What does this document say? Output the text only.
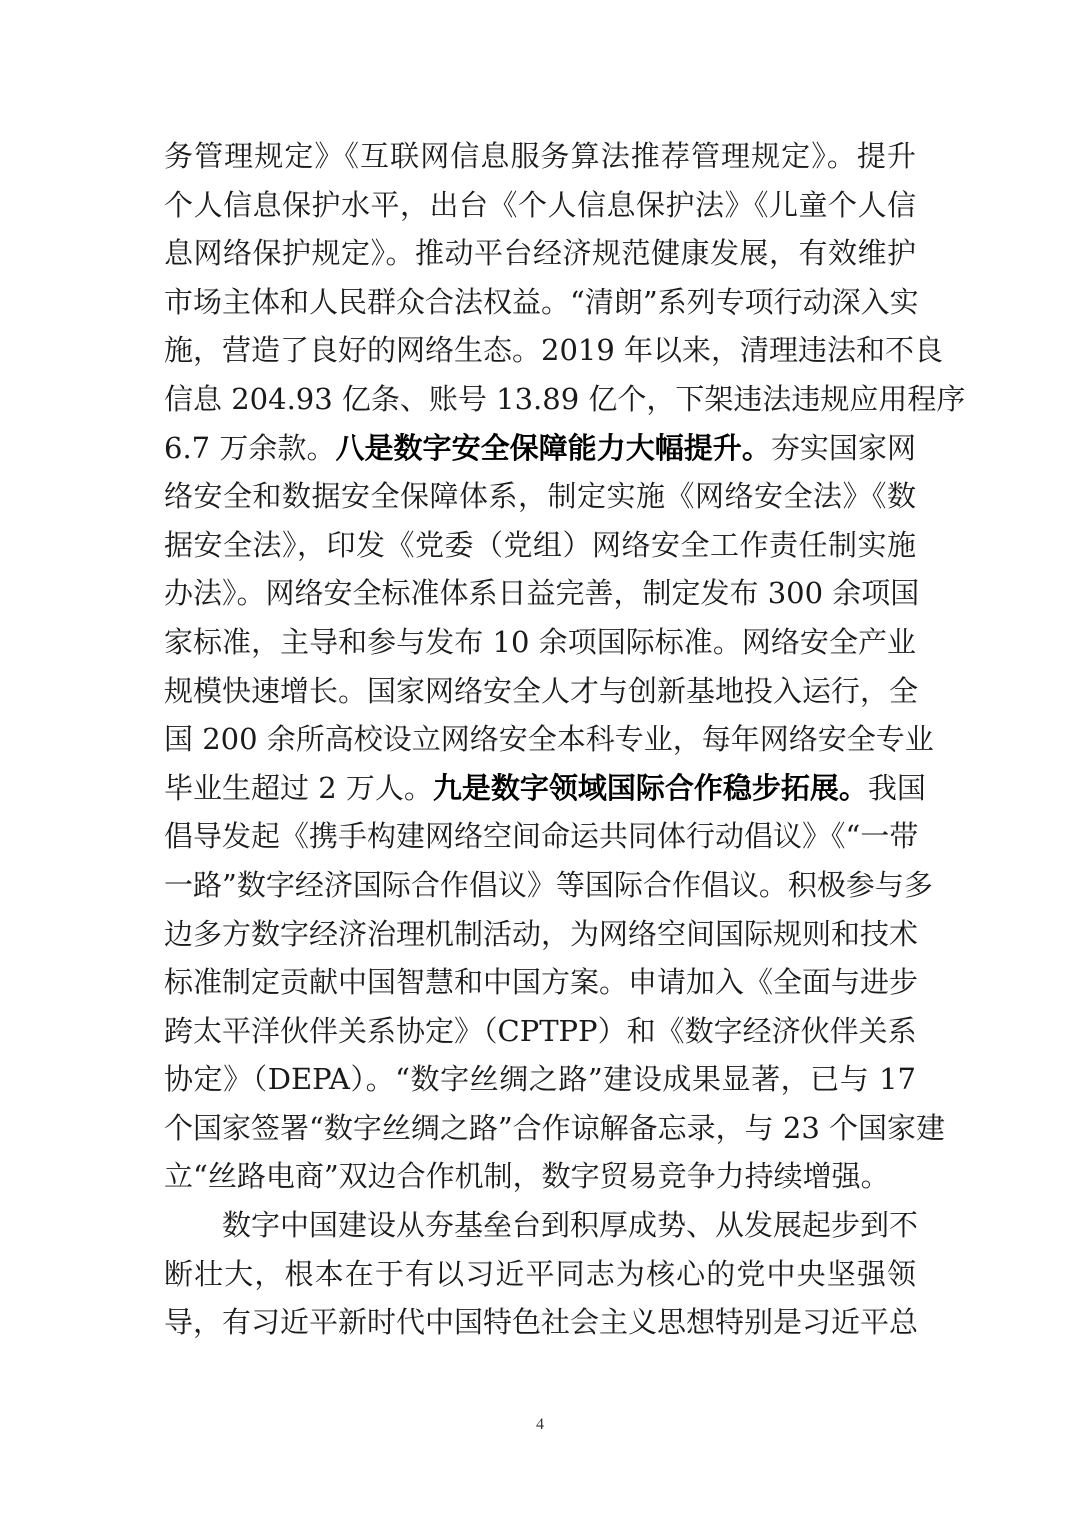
务管理规定》《互联网信息服务算法推荐管理规定》。提升
个人信息保护水平，出台《个人信息保护法》《儿童个人信
息网络保护规定》。推动平台经济规范健康发展，有效维护
市场主体和人民群众合法权益。“清朗”系列专项行动深入实
施，营造了良好的网络生态。2019 年以来，清理违法和不良
信息 204.93 亿条、账号 13.89 亿个，下架违法违规应用程序
6.7 万余款。八是数字安全保障能力大幅提升。夯实国家网
络安全和数据安全保障体系，制定实施《网络安全法》《数
据安全法》，印发《党委（党组）网络安全工作责任制实施
办法》。网络安全标准体系日益完善，制定发布 300 余项国
家标准，主导和参与发布 10 余项国际标准。网络安全产业
规模快速增长。国家网络安全人才与创新基地投入运行，全
国 200 余所高校设立网络安全本科专业，每年网络安全专业
毕业生超过 2 万人。九是数字领域国际合作稳步拓展。我国
倡导发起《携手构建网络空间命运共同体行动倡议》《“一带
一路”数字经济国际合作倡议》等国际合作倡议。积极参与多
边多方数字经济治理机制活动，为网络空间国际规则和技术
标准制定贡献中国智慧和中国方案。申请加入《全面与进步
跨太平洋伙伴关系协定》（CPTPP）和《数字经济伙伴关系
协定》（DEPA）。“数字丝绸之路”建设成果显著，已与 17
个国家签署“数字丝绸之路”合作谅解备忘录，与 23 个国家建
立“丝路电商”双边合作机制，数字贸易竞争力持续增强。
数字中国建设从夯基垒台到积厚成势、从发展起步到不
断壮大，根本在于有以习近平同志为核心的党中央坚强领
导，有习近平新时代中国特色社会主义思想特别是习近平总
4
